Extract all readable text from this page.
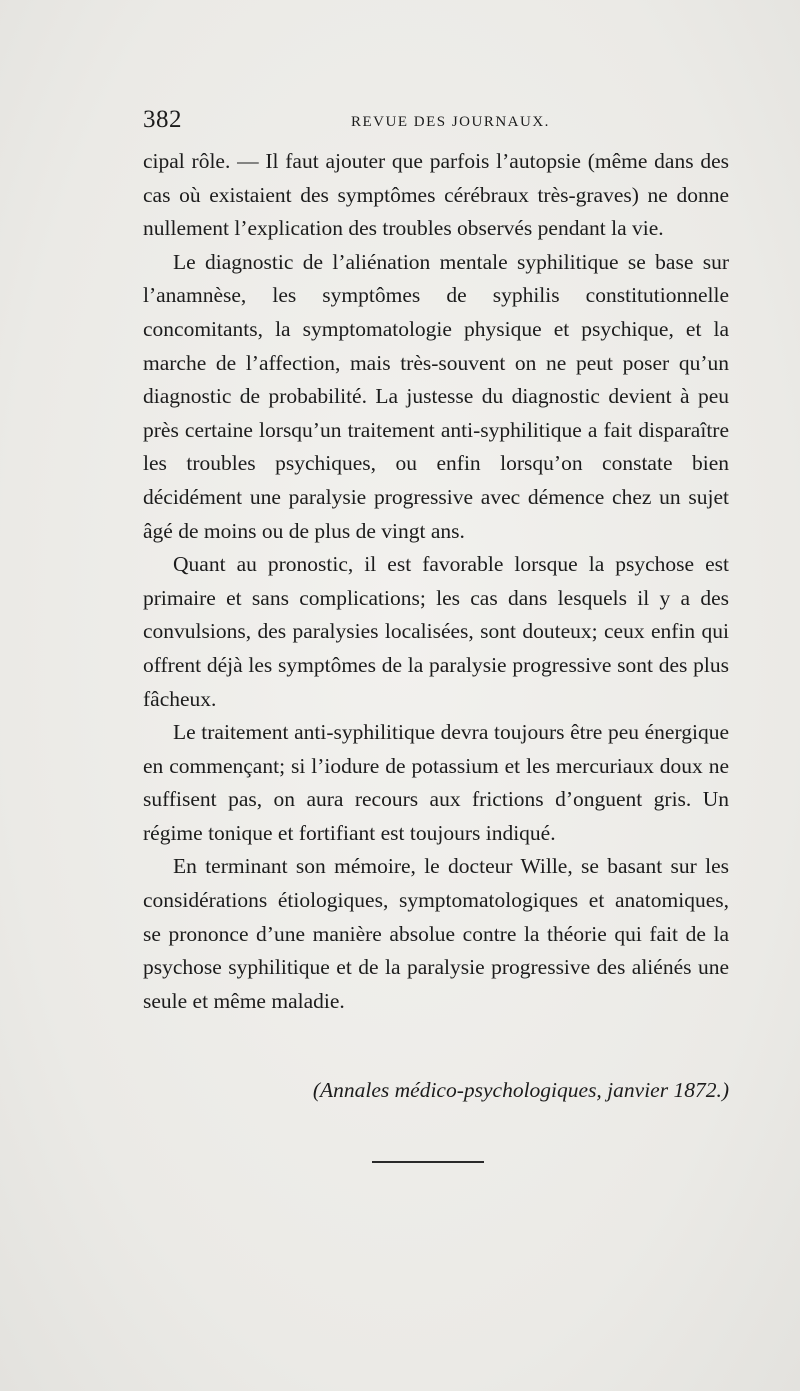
382	REVUE DES JOURNAUX.

cipal rôle. — Il faut ajouter que parfois l’autopsie (même dans des cas où existaient des symptômes cérébraux très-graves) ne donne nullement l’explication des troubles observés pendant la vie.

Le diagnostic de l’aliénation mentale syphilitique se base sur l’anamnèse, les symptômes de syphilis constitutionnelle concomitants, la symptomatologie physique et psychique, et la marche de l’affection, mais très-souvent on ne peut poser qu’un diagnostic de probabilité. La justesse du diagnostic devient à peu près certaine lorsqu’un traitement anti-syphilitique a fait disparaître les troubles psychiques, ou enfin lorsqu’on constate bien décidément une paralysie progressive avec démence chez un sujet âgé de moins ou de plus de vingt ans.

Quant au pronostic, il est favorable lorsque la psychose est primaire et sans complications; les cas dans lesquels il y a des convulsions, des paralysies localisées, sont douteux; ceux enfin qui offrent déjà les symptômes de la paralysie progressive sont des plus fâcheux.

Le traitement anti-syphilitique devra toujours être peu énergique en commençant; si l’iodure de potassium et les mercuriaux doux ne suffisent pas, on aura recours aux frictions d’onguent gris. Un régime tonique et fortifiant est toujours indiqué.

En terminant son mémoire, le docteur Wille, se basant sur les considérations étiologiques, symptomatologiques et anatomiques, se prononce d’une manière absolue contre la théorie qui fait de la psychose syphilitique et de la paralysie progressive des aliénés une seule et même maladie.

(Annales médico-psychologiques, janvier 1872.)
